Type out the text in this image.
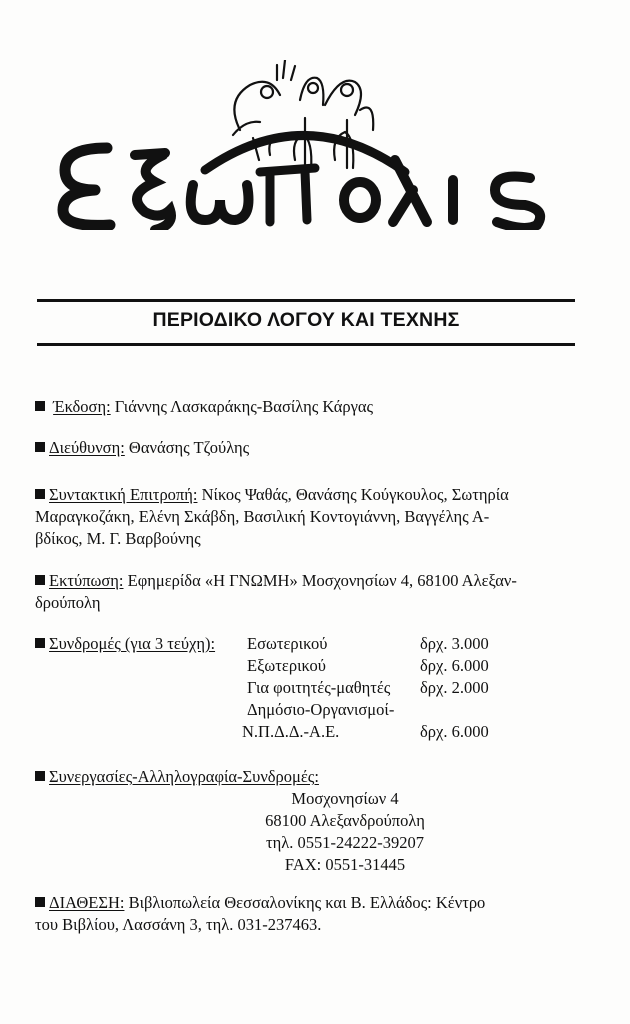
ΠΕΡΙΟΔΙΚΟ ΛΟΓΟΥ ΚΑΙ ΤΕΧΝΗΣ
Έκδοση: Γιάννης Λασκαράκης-Βασίλης Κάργας
Διεύθυνση: Θανάσης Τζούλης
Συντακτική Επιτροπή: Νίκος Ψαθάς, Θανάσης Κούγκουλος, Σωτηρία
Μαραγκοζάκη, Ελένη Σκάβδη, Βασιλική Κοντογιάννη, Βαγγέλης Α-
βδίκος, Μ. Γ. Βαρβούνης
Εκτύπωση: Εφημερίδα «Η ΓΝΩΜΗ» Μοσχονησίων 4, 68100 Αλεξαν-
δρούπολη
Συνδρομές (για 3 τεύχη): Εσωτερικού	δρχ. 3.000
Εξωτερικού	δρχ. 6.000
Για φοιτητές-μαθητές δρχ. 2.000
Δημόσιο-Οργανισμοί-
Ν.Π.Δ.Δ.-Α.Ε.	δρχ. 6.000
Συνεργασίες-Αλληλογραφία-Συνδρομές:
Μοσχονησίων 4
68100 Αλεξανδρούπολη
τηλ. 0551-24222-39207
FAX: 0551-31445
ΔΙΑΘΕΣΗ: Βιβλιοπωλεία Θεσσαλονίκης και Β. Ελλάδος: Κέντρο
του Βιβλίου, Λασσάνη 3, τηλ. 031-237463.
